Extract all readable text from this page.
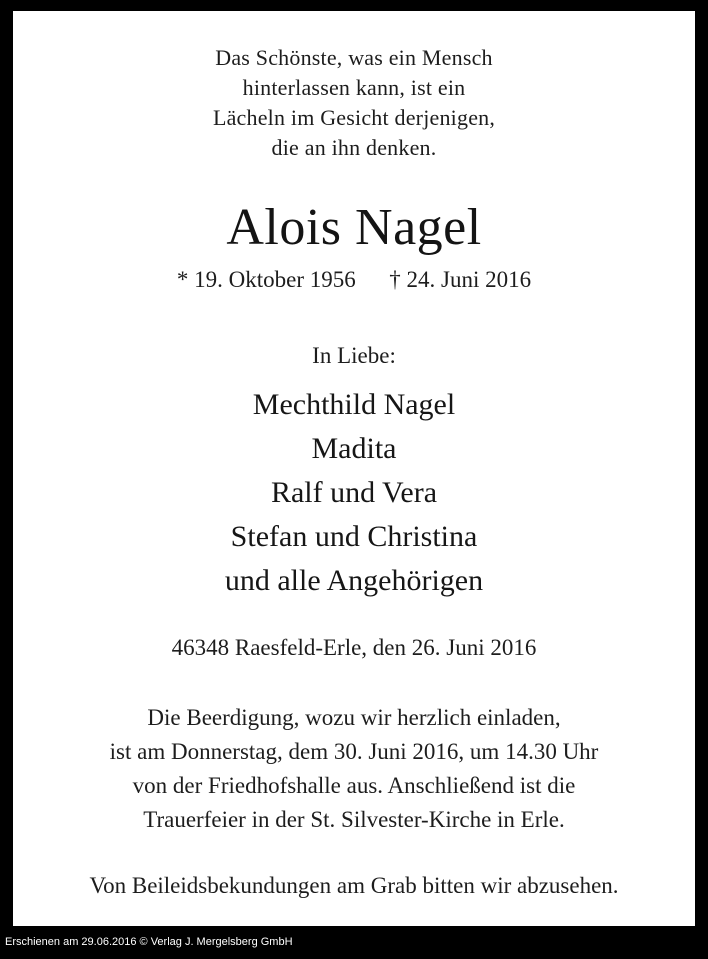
Das Schönste, was ein Mensch
hinterlassen kann, ist ein
Lächeln im Gesicht derjenigen,
die an ihn denken.
Alois Nagel
* 19. Oktober 1956 † 24. Juni 2016
In Liebe:
Mechthild Nagel
Madita
Ralf und Vera
Stefan und Christina
und alle Angehörigen
46348 Raesfeld-Erle, den 26. Juni 2016
Die Beerdigung, wozu wir herzlich einladen,
ist am Donnerstag, dem 30. Juni 2016, um 14.30 Uhr
von der Friedhofshalle aus. Anschließend ist die
Trauerfeier in der St. Silvester-Kirche in Erle.
Von Beileidsbekundungen am Grab bitten wir abzusehen.
Erschienen am 29.06.2016 © Verlag J. Mergelsberg GmbH
